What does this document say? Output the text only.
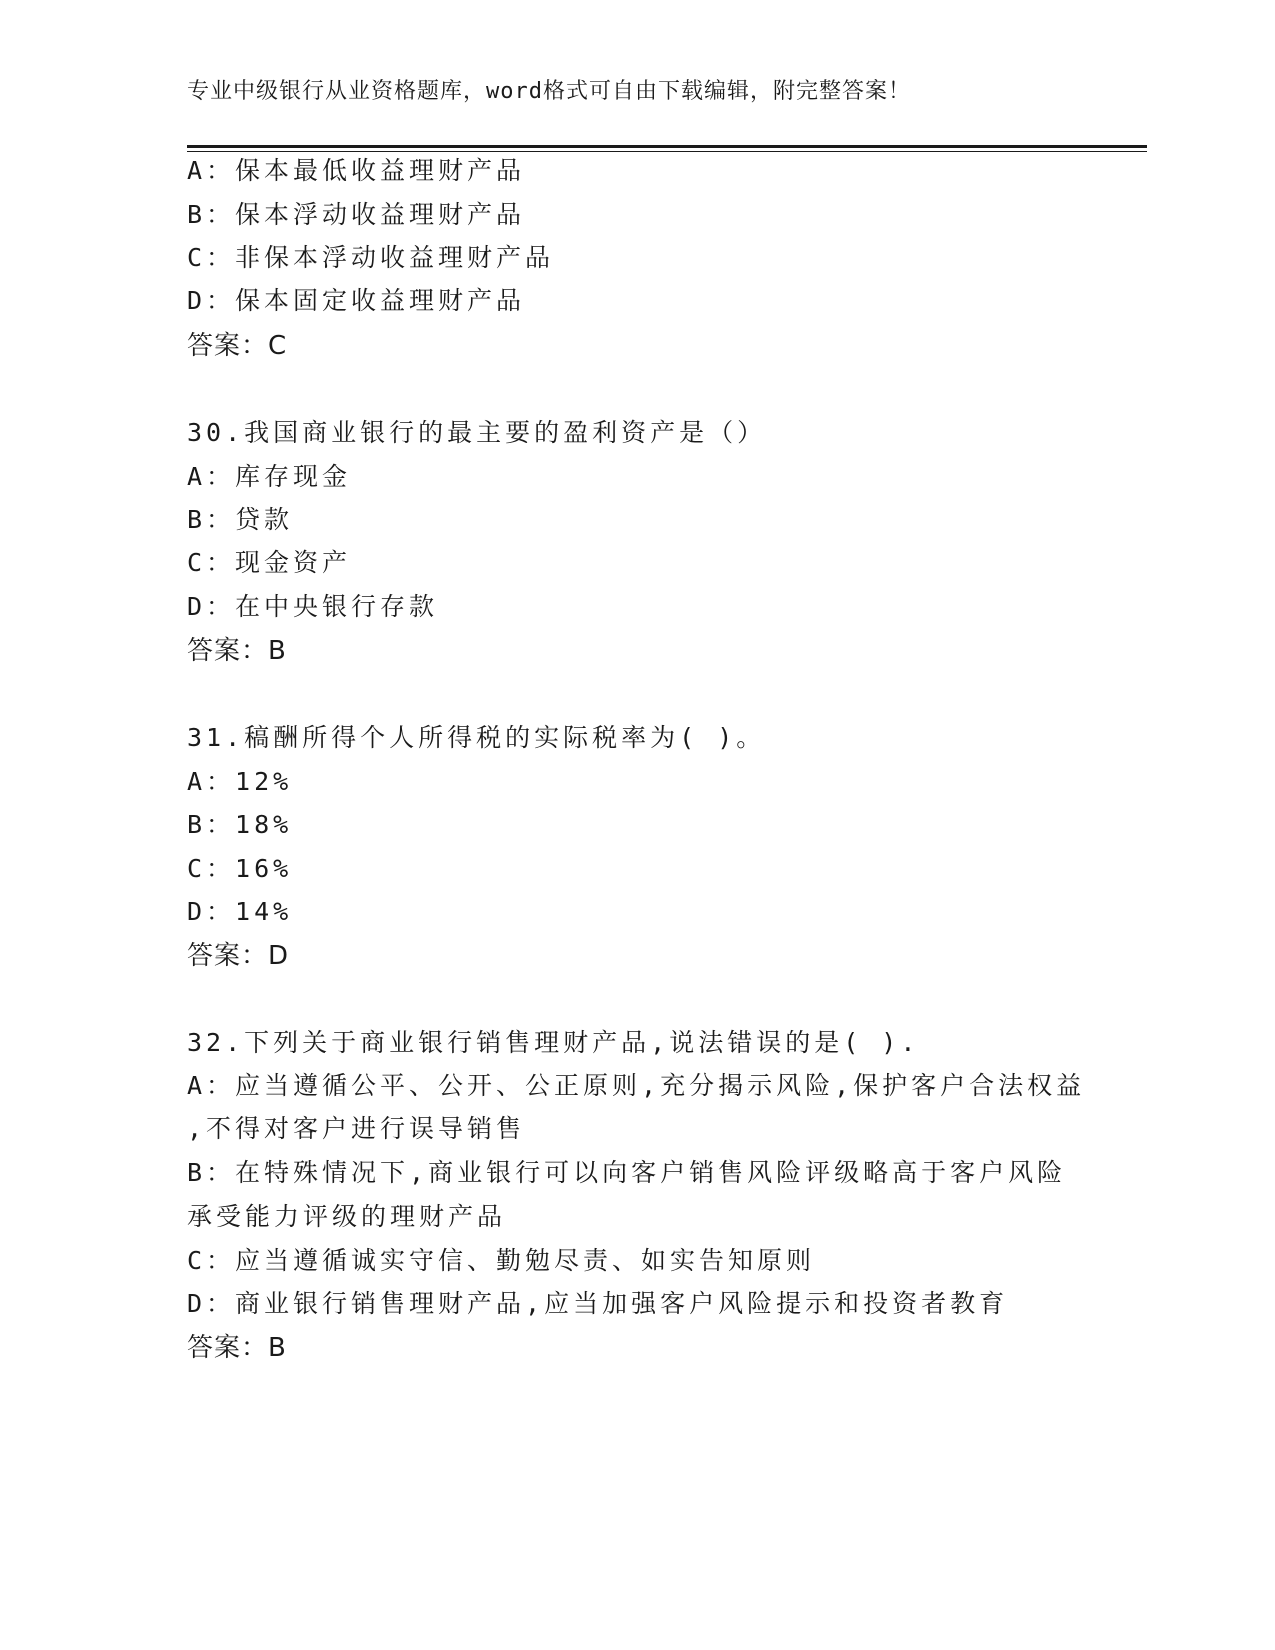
专业中级银行从业资格题库，word格式可自由下载编辑，附完整答案！
A：保本最低收益理财产品
B：保本浮动收益理财产品
C：非保本浮动收益理财产品
D：保本固定收益理财产品
答案：C
30.我国商业银行的最主要的盈利资产是（）
A：库存现金
B：贷款
C：现金资产
D：在中央银行存款
答案：B
31.稿酬所得个人所得税的实际税率为( )。
A：12%
B：18%
C：16%
D：14%
答案：D
32.下列关于商业银行销售理财产品,说法错误的是( ).
A：应当遵循公平、公开、公正原则,充分揭示风险,保护客户合法权益
,不得对客户进行误导销售
B：在特殊情况下,商业银行可以向客户销售风险评级略高于客户风险
承受能力评级的理财产品
C：应当遵循诚实守信、勤勉尽责、如实告知原则
D：商业银行销售理财产品,应当加强客户风险提示和投资者教育
答案：B
